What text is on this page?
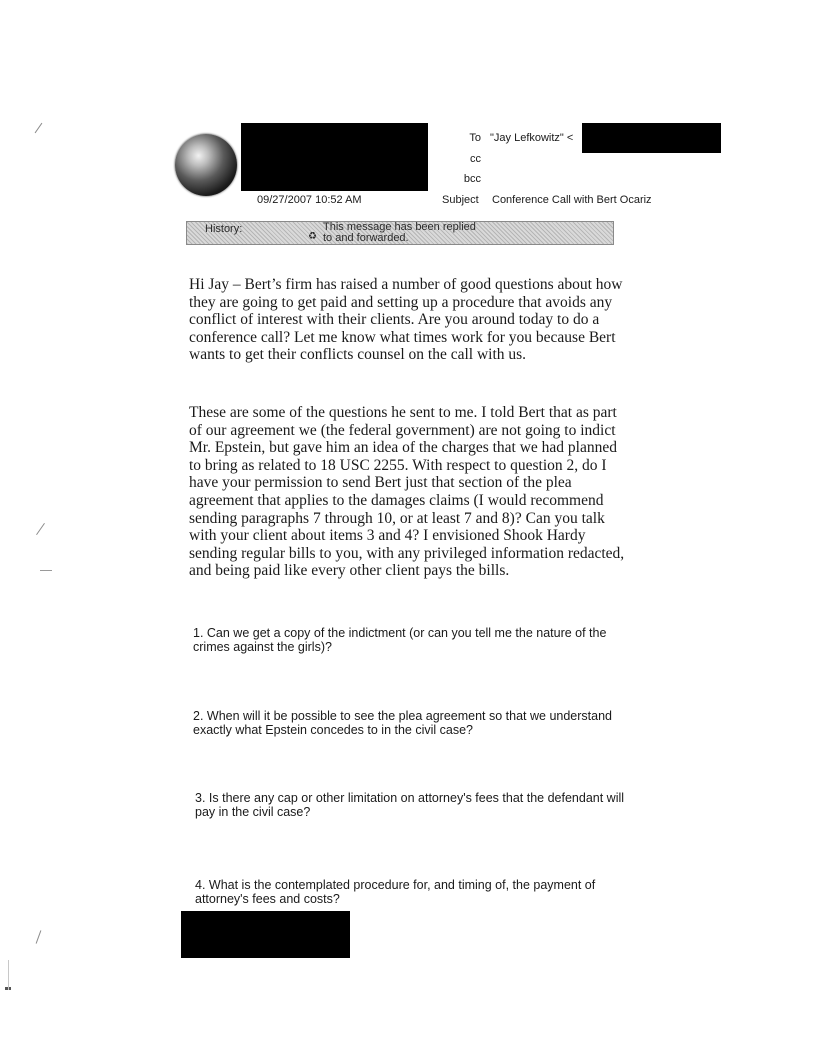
To "Jay Lefkowitz" <
cc
bcc
09/27/2007 10:52 AM	Subject Conference Call with Bert Ocariz
History:
♻
This message has been replied
to and forwarded.

Hi Jay – Bert’s firm has raised a number of good questions about how they are going to get paid and setting up a procedure that avoids any conflict of interest with their clients. Are you around today to do a conference call? Let me know what times work for you because Bert wants to get their conflicts counsel on the call with us.

These are some of the questions he sent to me. I told Bert that as part of our agreement we (the federal government) are not going to indict Mr. Epstein, but gave him an idea of the charges that we had planned to bring as related to 18 USC 2255. With respect to question 2, do I have your permission to send Bert just that section of the plea agreement that applies to the damages claims (I would recommend sending paragraphs 7 through 10, or at least 7 and 8)? Can you talk with your client about items 3 and 4? I envisioned Shook Hardy sending regular bills to you, with any privileged information redacted, and being paid like every other client pays the bills.

1. Can we get a copy of the indictment (or can you tell me the nature of the crimes against the girls)?

2. When will it be possible to see the plea agreement so that we understand exactly what Epstein concedes to in the civil case?

3. Is there any cap or other limitation on attorney's fees that the defendant will pay in the civil case?

4. What is the contemplated procedure for, and timing of, the payment of attorney's fees and costs?
